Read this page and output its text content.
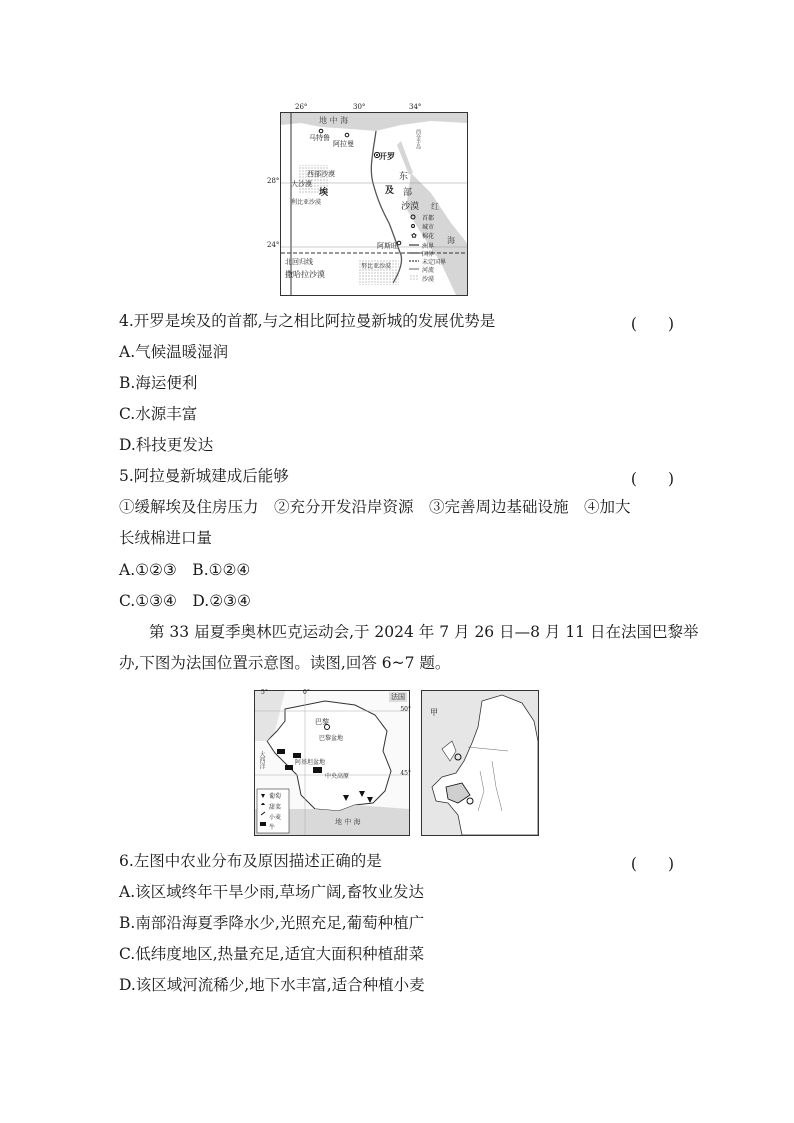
✿
26°	30°	34°
28°
24°
地 中 海
马特鲁
阿拉曼
开罗
西奈半岛
西部沙漠
大沙漠
埃
利比亚沙漠
及
东
部
沙漠 红
海
阿斯旺
北回归线
撒哈拉沙漠
努比亚沙漠
首都
城市
棉花
洲界
国界
未定国界
河流
沙漠
4.开罗是埃及的首都,与之相比阿拉曼新城的发展优势是	(　　)
A.气候温暖湿润
B.海运便利
C.水源丰富
D.科技更发达
5.阿拉曼新城建成后能够	(　　)
①缓解埃及住房压力　②充分开发沿岸资源　③完善周边基础设施　④加大
长绒棉进口量
A.①②③　B.①②④
C.①③④　D.②③④
第 33 届夏季奥林匹克运动会,于 2024 年 7 月 26 日—8 月 11 日在法国巴黎举
办,下图为法国位置示意图。读图,回答 6~7 题。
法国
巴黎
巴黎盆地
阿基坦盆地
中央高原
地 中 海
0°
5°
50°
45°
大西洋
葡萄
甜菜
小麦
牛
甲
6.左图中农业分布及原因描述正确的是	(　　)
A.该区域终年干旱少雨,草场广阔,畜牧业发达
B.南部沿海夏季降水少,光照充足,葡萄种植广
C.低纬度地区,热量充足,适宜大面积种植甜菜
D.该区域河流稀少,地下水丰富,适合种植小麦
